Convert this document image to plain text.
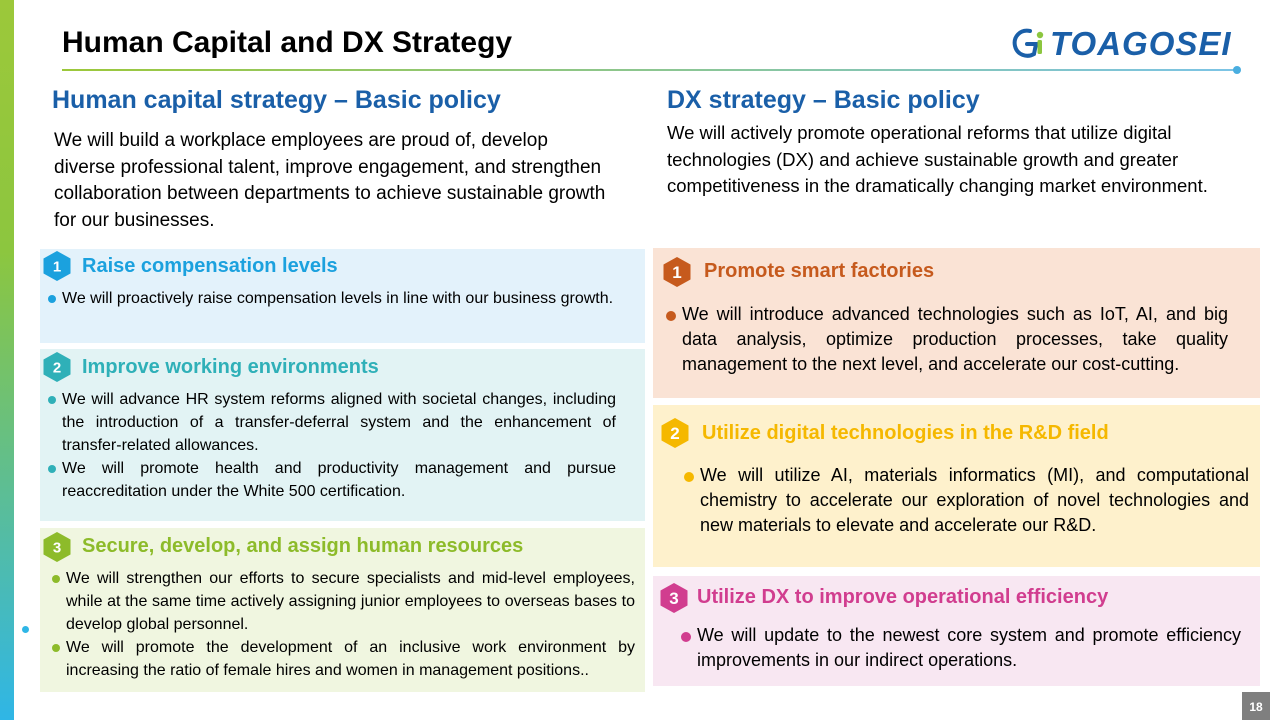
Human Capital and DX Strategy	TOAGOSEI
Human capital strategy – Basic policy
We will build a workplace employees are proud of, develop diverse professional talent, improve engagement, and strengthen collaboration between departments to achieve sustainable growth for our businesses.
1 Raise compensation levels
We will proactively raise compensation levels in line with our business growth.
2 Improve working environments
We will advance HR system reforms aligned with societal changes, including the introduction of a transfer-deferral system and the enhancement of transfer-related allowances.
We will promote health and productivity management and pursue reaccreditation under the White 500 certification.
3 Secure, develop, and assign human resources
We will strengthen our efforts to secure specialists and mid-level employees, while at the same time actively assigning junior employees to overseas bases to develop global personnel.
We will promote the development of an inclusive work environment by increasing the ratio of female hires and women in management positions..
DX strategy – Basic policy
We will actively promote operational reforms that utilize digital technologies (DX) and achieve sustainable growth and greater competitiveness in the dramatically changing market environment.
1 Promote smart factories
We will introduce advanced technologies such as IoT, AI, and big data analysis, optimize production processes, take quality management to the next level, and accelerate our cost-cutting.
2 Utilize digital technologies in the R&D field
We will utilize AI, materials informatics (MI), and computational chemistry to accelerate our exploration of novel technologies and new materials to elevate and accelerate our R&D.
3 Utilize DX to improve operational efficiency
We will update to the newest core system and promote efficiency improvements in our indirect operations.
18
